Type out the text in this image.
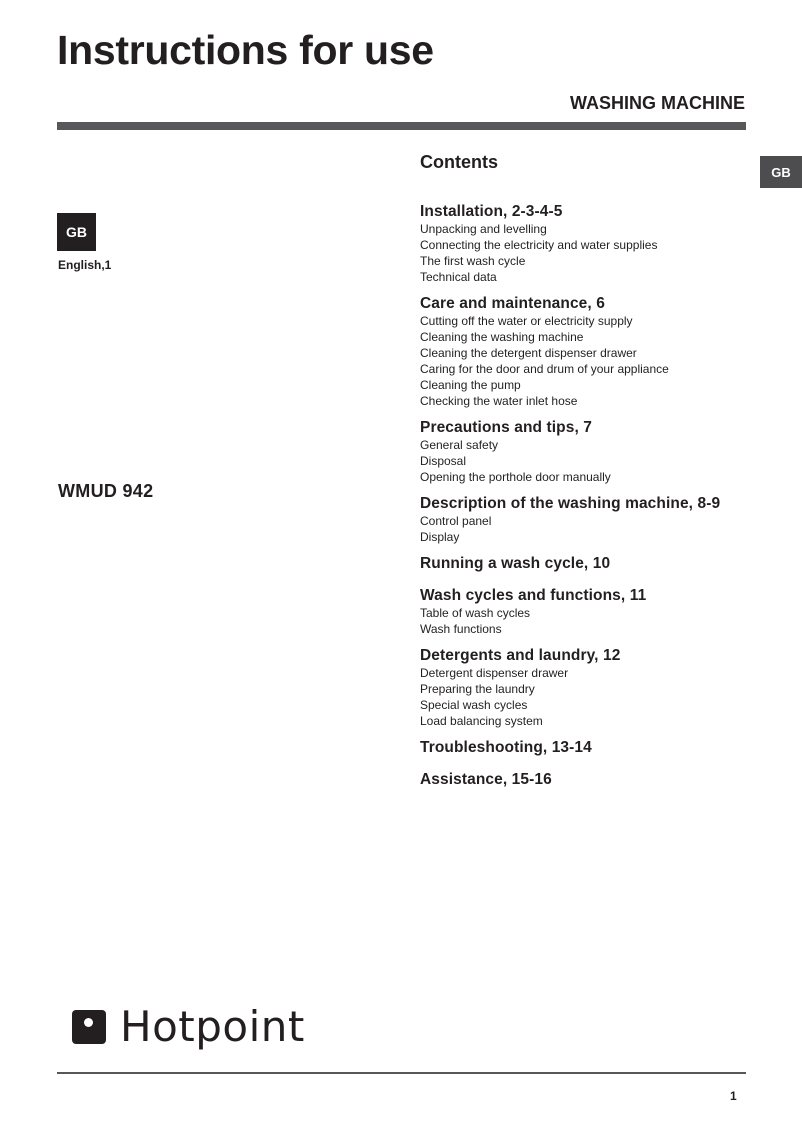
Instructions for use
WASHING MACHINE
GB
GB
English,1
WMUD 942
Contents
Installation, 2-3-4-5
Unpacking and levelling
Connecting the electricity and water supplies
The first wash cycle
Technical data
Care and maintenance, 6
Cutting off the water or electricity supply
Cleaning the washing machine
Cleaning the detergent dispenser drawer
Caring for the door and drum of your appliance
Cleaning the pump
Checking the water inlet hose
Precautions and tips, 7
General safety
Disposal
Opening the porthole door manually
Description of the washing machine, 8-9
Control panel
Display
Running a wash cycle, 10
Wash cycles and functions, 11
Table of wash cycles
Wash functions
Detergents and laundry, 12
Detergent dispenser drawer
Preparing the laundry
Special wash cycles
Load balancing system
Troubleshooting, 13-14
Assistance, 15-16
Hotpoint
1
